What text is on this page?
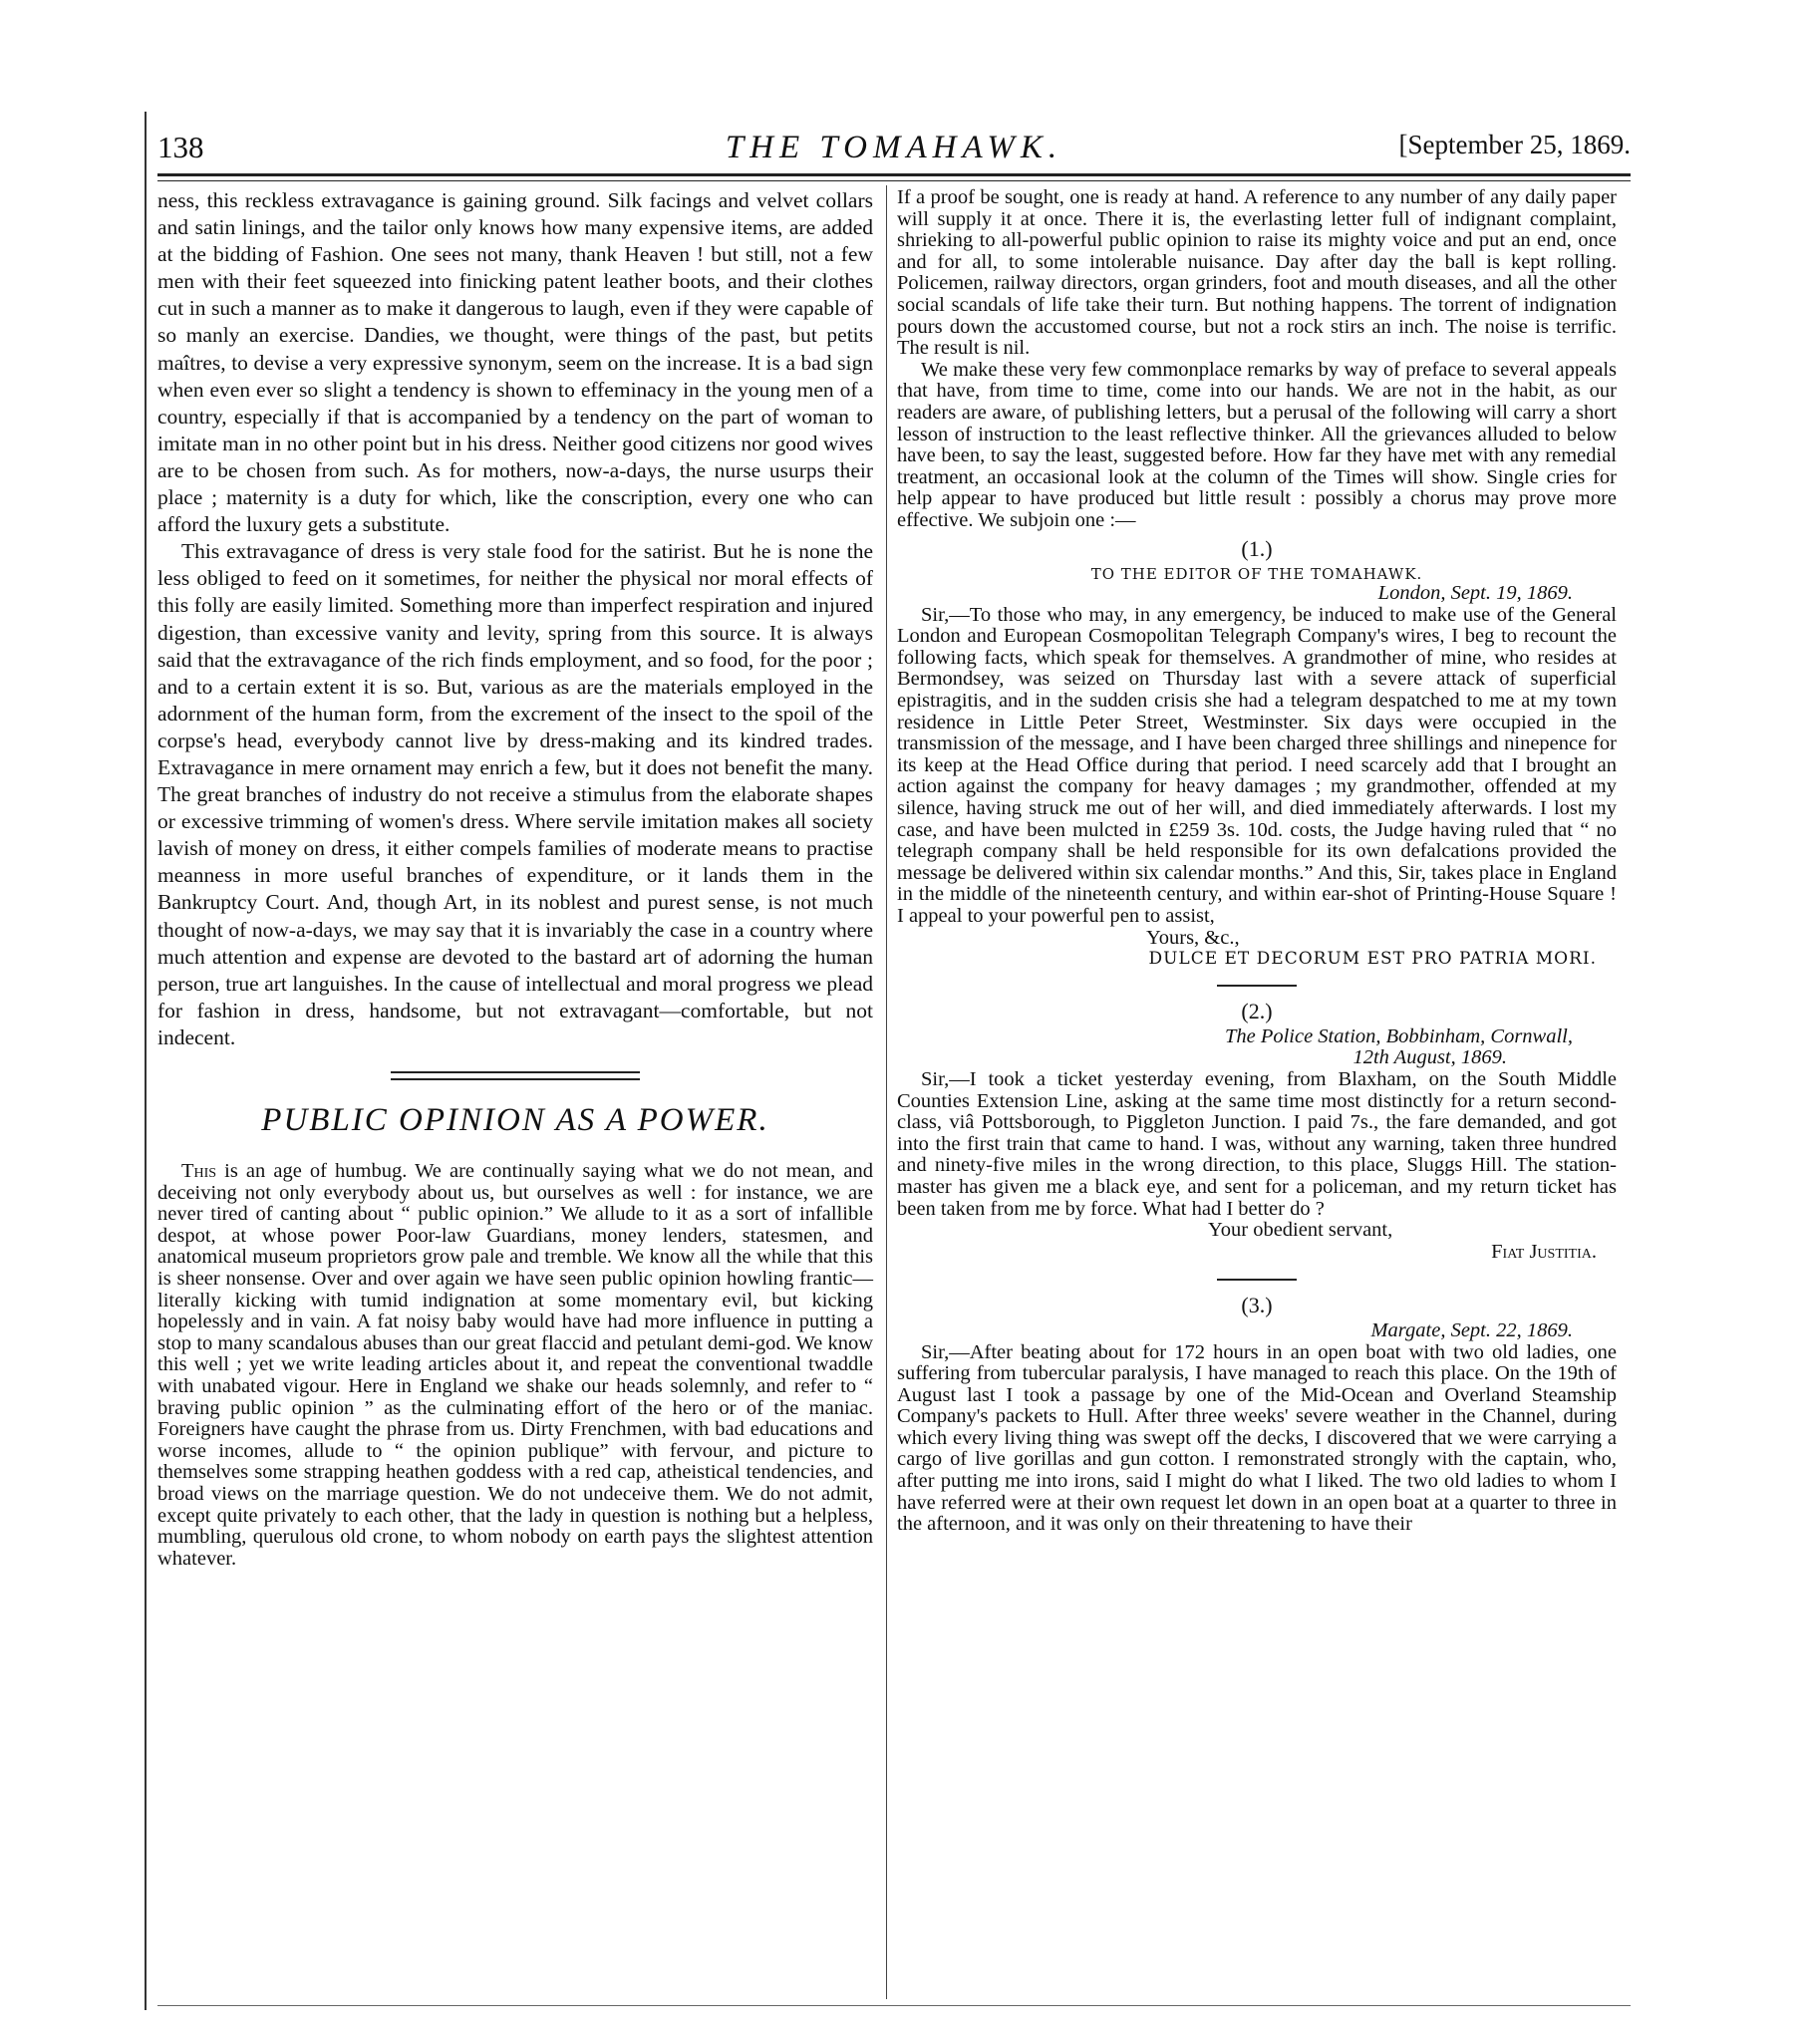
138	THE TOMAHAWK.	[September 25, 1869.

ness, this reckless extravagance is gaining ground. Silk facings and velvet collars and satin linings, and the tailor only knows how many expensive items, are added at the bidding of Fashion. One sees not many, thank Heaven ! but still, not a few men with their feet squeezed into finicking patent leather boots, and their clothes cut in such a manner as to make it dangerous to laugh, even if they were capable of so manly an exercise. Dandies, we thought, were things of the past, but petits maîtres, to devise a very expressive synonym, seem on the increase. It is a bad sign when even ever so slight a tendency is shown to effeminacy in the young men of a country, especially if that is accompanied by a tendency on the part of woman to imitate man in no other point but in his dress. Neither good citizens nor good wives are to be chosen from such. As for mothers, now-a-days, the nurse usurps their place ; maternity is a duty for which, like the conscription, every one who can afford the luxury gets a substitute.

This extravagance of dress is very stale food for the satirist. But he is none the less obliged to feed on it sometimes, for neither the physical nor moral effects of this folly are easily limited. Something more than imperfect respiration and injured digestion, than excessive vanity and levity, spring from this source. It is always said that the extravagance of the rich finds employment, and so food, for the poor ; and to a certain extent it is so. But, various as are the materials employed in the adornment of the human form, from the excrement of the insect to the spoil of the corpse's head, everybody cannot live by dress-making and its kindred trades. Extravagance in mere ornament may enrich a few, but it does not benefit the many. The great branches of industry do not receive a stimulus from the elaborate shapes or excessive trimming of women's dress. Where servile imitation makes all society lavish of money on dress, it either compels families of moderate means to practise meanness in more useful branches of expenditure, or it lands them in the Bankruptcy Court. And, though Art, in its noblest and purest sense, is not much thought of now-a-days, we may say that it is invariably the case in a country where much attention and expense are devoted to the bastard art of adorning the human person, true art languishes. In the cause of intellectual and moral progress we plead for fashion in dress, handsome, but not extravagant—comfortable, but not indecent.

PUBLIC OPINION AS A POWER.

This is an age of humbug. We are continually saying what we do not mean, and deceiving not only everybody about us, but ourselves as well : for instance, we are never tired of canting about “ public opinion.” We allude to it as a sort of infallible despot, at whose power Poor-law Guardians, money lenders, statesmen, and anatomical museum proprietors grow pale and tremble. We know all the while that this is sheer nonsense. Over and over again we have seen public opinion howling frantic—literally kicking with tumid indignation at some momentary evil, but kicking hopelessly and in vain. A fat noisy baby would have had more influence in putting a stop to many scandalous abuses than our great flaccid and petulant demi-god. We know this well ; yet we write leading articles about it, and repeat the conventional twaddle with unabated vigour. Here in England we shake our heads solemnly, and refer to “ braving public opinion ” as the culminating effort of the hero or of the maniac. Foreigners have caught the phrase from us. Dirty Frenchmen, with bad educations and worse incomes, allude to “ the opinion publique” with fervour, and picture to themselves some strapping heathen goddess with a red cap, atheistical tendencies, and broad views on the marriage question. We do not undeceive them. We do not admit, except quite privately to each other, that the lady in question is nothing but a helpless, mumbling, querulous old crone, to whom nobody on earth pays the slightest attention whatever.

If a proof be sought, one is ready at hand. A reference to any number of any daily paper will supply it at once. There it is, the everlasting letter full of indignant complaint, shrieking to all-powerful public opinion to raise its mighty voice and put an end, once and for all, to some intolerable nuisance. Day after day the ball is kept rolling. Policemen, railway directors, organ grinders, foot and mouth diseases, and all the other social scandals of life take their turn. But nothing happens. The torrent of indignation pours down the accustomed course, but not a rock stirs an inch. The noise is terrific. The result is nil.

We make these very few commonplace remarks by way of preface to several appeals that have, from time to time, come into our hands. We are not in the habit, as our readers are aware, of publishing letters, but a perusal of the following will carry a short lesson of instruction to the least reflective thinker. All the grievances alluded to below have been, to say the least, suggested before. How far they have met with any remedial treatment, an occasional look at the column of the Times will show. Single cries for help appear to have produced but little result : possibly a chorus may prove more effective. We subjoin one :—

(1.)
TO THE EDITOR OF THE TOMAHAWK.
London, Sept. 19, 1869.

Sir,—To those who may, in any emergency, be induced to make use of the General London and European Cosmopolitan Telegraph Company's wires, I beg to recount the following facts, which speak for themselves. A grandmother of mine, who resides at Bermondsey, was seized on Thursday last with a severe attack of superficial epistragitis, and in the sudden crisis she had a telegram despatched to me at my town residence in Little Peter Street, Westminster. Six days were occupied in the transmission of the message, and I have been charged three shillings and ninepence for its keep at the Head Office during that period. I need scarcely add that I brought an action against the company for heavy damages ; my grandmother, offended at my silence, having struck me out of her will, and died immediately afterwards. I lost my case, and have been mulcted in £259 3s. 10d. costs, the Judge having ruled that “ no telegraph company shall be held responsible for its own defalcations provided the message be delivered within six calendar months.” And this, Sir, takes place in England in the middle of the nineteenth century, and within ear-shot of Printing-House Square ! I appeal to your powerful pen to assist,

Yours, &c.,
DULCE ET DECORUM EST PRO PATRIA MORI.
(2.)
The Police Station, Bobbinham, Cornwall,
12th August, 1869.

Sir,—I took a ticket yesterday evening, from Blaxham, on the South Middle Counties Extension Line, asking at the same time most distinctly for a return second-class, viâ Pottsborough, to Piggleton Junction. I paid 7s., the fare demanded, and got into the first train that came to hand. I was, without any warning, taken three hundred and ninety-five miles in the wrong direction, to this place, Sluggs Hill. The station-master has given me a black eye, and sent for a policeman, and my return ticket has been taken from me by force. What had I better do ?

Your obedient servant,
Fiat Justitia.
(3.)
Margate, Sept. 22, 1869.

Sir,—After beating about for 172 hours in an open boat with two old ladies, one suffering from tubercular paralysis, I have managed to reach this place. On the 19th of August last I took a passage by one of the Mid-Ocean and Overland Steamship Company's packets to Hull. After three weeks' severe weather in the Channel, during which every living thing was swept off the decks, I discovered that we were carrying a cargo of live gorillas and gun cotton. I remonstrated strongly with the captain, who, after putting me into irons, said I might do what I liked. The two old ladies to whom I have referred were at their own request let down in an open boat at a quarter to three in the afternoon, and it was only on their threatening to have their
